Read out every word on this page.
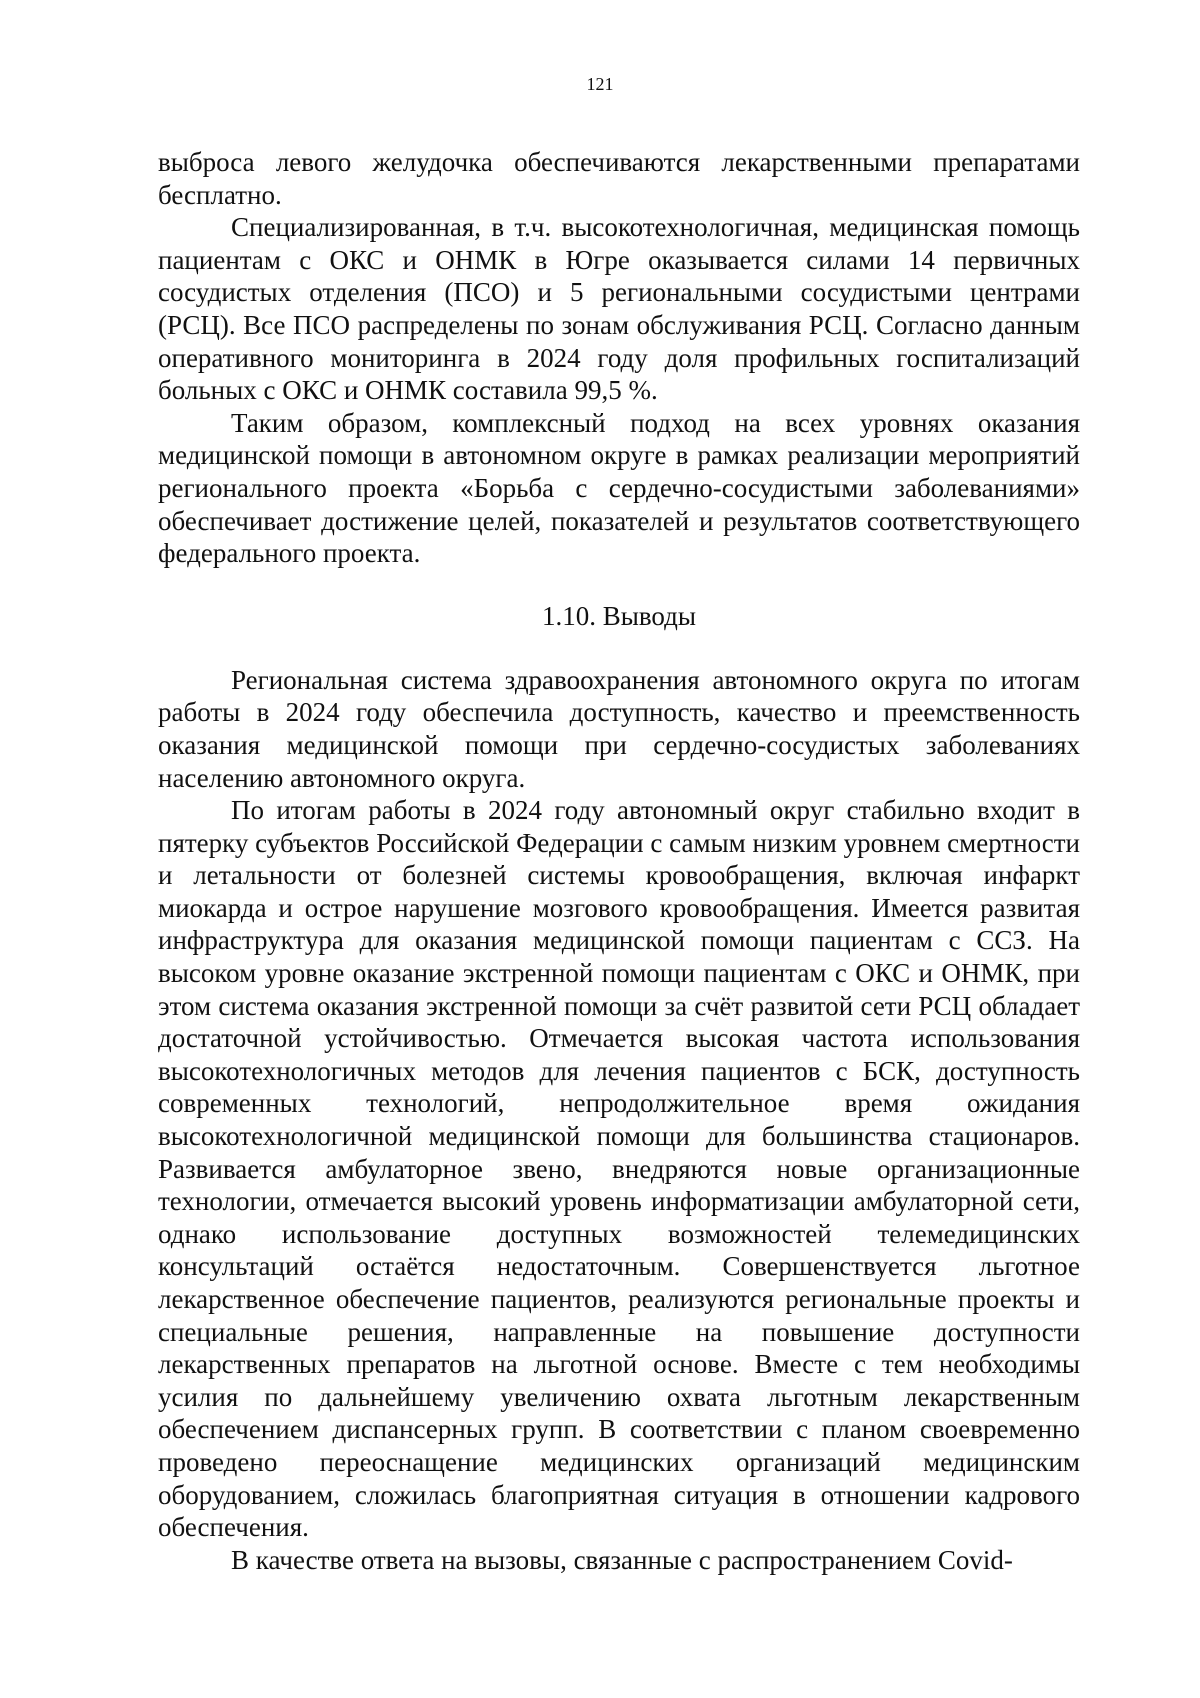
121

выброса левого желудочка обеспечиваются лекарственными препаратами бесплатно.

Специализированная, в т.ч. высокотехнологичная, медицинская помощь пациентам с ОКС и ОНМК в Югре оказывается силами 14 первичных сосудистых отделения (ПСО) и 5 региональными сосудистыми центрами (РСЦ). Все ПСО распределены по зонам обслуживания РСЦ. Согласно данным оперативного мониторинга в 2024 году доля профильных госпитализаций больных с ОКС и ОНМК составила 99,5 %.

Таким образом, комплексный подход на всех уровнях оказания медицинской помощи в автономном округе в рамках реализации мероприятий регионального проекта «Борьба с сердечно-сосудистыми заболеваниями» обеспечивает достижение целей, показателей и результатов соответствующего федерального проекта.

1.10. Выводы

Региональная система здравоохранения автономного округа по итогам работы в 2024 году обеспечила доступность, качество и преемственность оказания медицинской помощи при сердечно-сосудистых заболеваниях населению автономного округа.

По итогам работы в 2024 году автономный округ стабильно входит в пятерку субъектов Российской Федерации с самым низким уровнем смертности и летальности от болезней системы кровообращения, включая инфаркт миокарда и острое нарушение мозгового кровообращения. Имеется развитая инфраструктура для оказания медицинской помощи пациентам с ССЗ. На высоком уровне оказание экстренной помощи пациентам с ОКС и ОНМК, при этом система оказания экстренной помощи за счёт развитой сети РСЦ обладает достаточной устойчивостью. Отмечается высокая частота использования высокотехнологичных методов для лечения пациентов с БСК, доступность современных технологий, непродолжительное время ожидания высокотехнологичной медицинской помощи для большинства стационаров. Развивается амбулаторное звено, внедряются новые организационные технологии, отмечается высокий уровень информатизации амбулаторной сети, однако использование доступных возможностей телемедицинских консультаций остаётся недостаточным. Совершенствуется льготное лекарственное обеспечение пациентов, реализуются региональные проекты и специальные решения, направленные на повышение доступности лекарственных препаратов на льготной основе. Вместе с тем необходимы усилия по дальнейшему увеличению охвата льготным лекарственным обеспечением диспансерных групп. В соответствии с планом своевременно проведено переоснащение медицинских организаций медицинским оборудованием, сложилась благоприятная ситуация в отношении кадрового обеспечения.

В качестве ответа на вызовы, связанные с распространением Covid-
